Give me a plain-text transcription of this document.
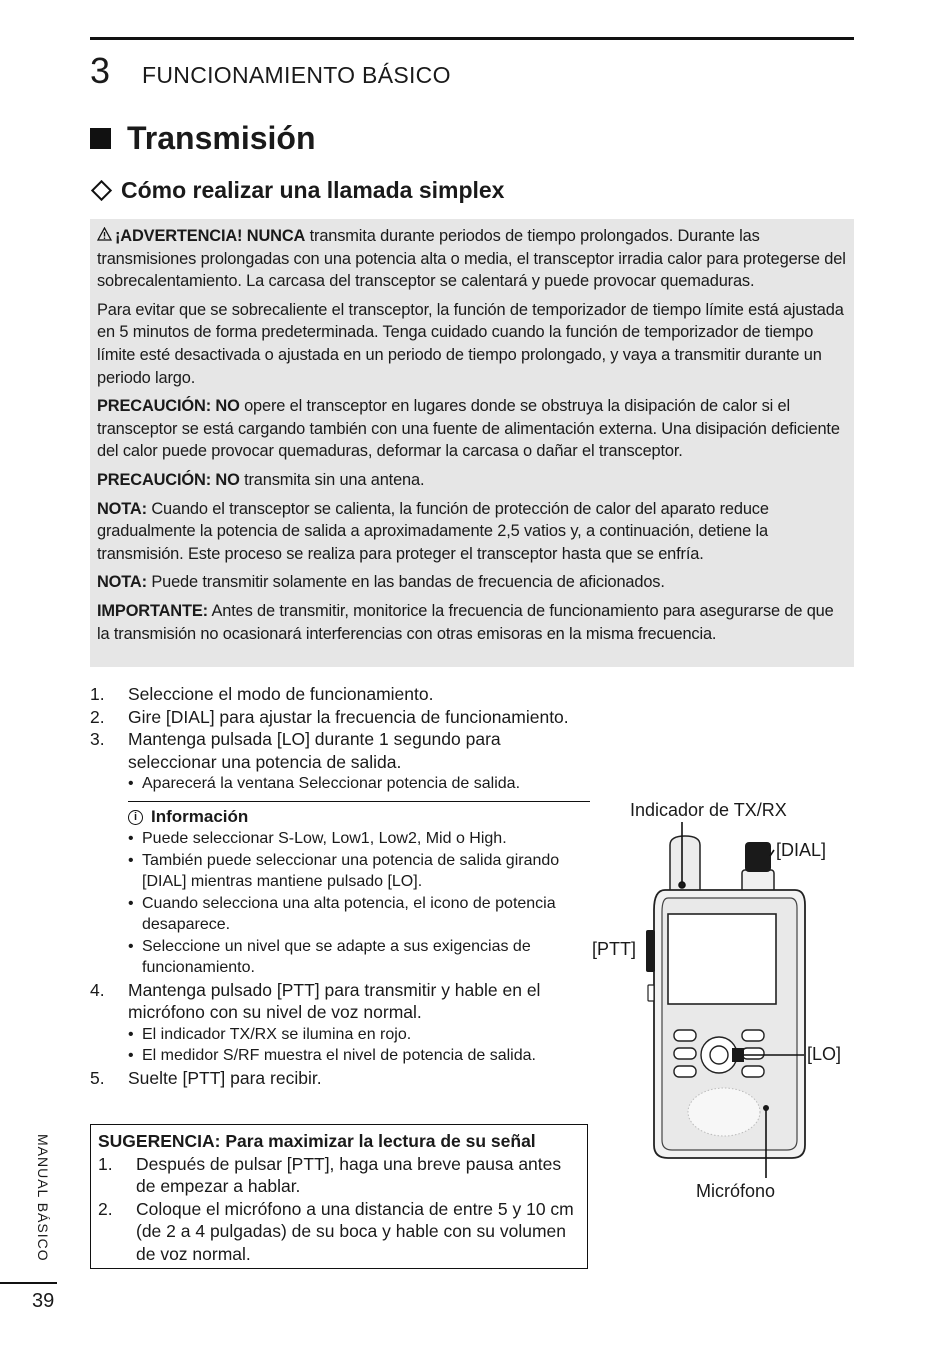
3 FUNCIONAMIENTO BÁSICO
Transmisión
Cómo realizar una llamada simplex

¡ADVERTENCIA! NUNCA transmita durante periodos de tiempo prolongados. Durante las transmisiones prolongadas con una potencia alta o media, el transceptor irradia calor para protegerse del sobrecalentamiento. La carcasa del transceptor se calentará y puede provocar quemaduras.

Para evitar que se sobrecaliente el transceptor, la función de temporizador de tiempo límite está ajustada en 5 minutos de forma predeterminada. Tenga cuidado cuando la función de temporizador de tiempo límite esté desactivada o ajustada en un periodo de tiempo prolongado, y vaya a transmitir durante un periodo largo.

PRECAUCIÓN: NO opere el transceptor en lugares donde se obstruya la disipación de calor si el transceptor se está cargando también con una fuente de alimentación externa. Una disipación deficiente del calor puede provocar quemaduras, deformar la carcasa o dañar el transceptor.

PRECAUCIÓN: NO transmita sin una antena.

NOTA: Cuando el transceptor se calienta, la función de protección de calor del aparato reduce gradualmente la potencia de salida a aproximadamente 2,5 vatios y, a continuación, detiene la transmisión. Este proceso se realiza para proteger el transceptor hasta que se enfría.

NOTA: Puede transmitir solamente en las bandas de frecuencia de aficionados.

IMPORTANTE: Antes de transmitir, monitorice la frecuencia de funcionamiento para asegurarse de que la transmisión no ocasionará interferencias con otras emisoras en la misma frecuencia.

1.	Seleccione el modo de funcionamiento.
2.	Gire [DIAL] para ajustar la frecuencia de funcionamiento.
3.	Mantenga pulsada [LO] durante 1 segundo para seleccionar una potencia de salida.
• Aparecerá la ventana Seleccionar potencia de salida.
i Información
• Puede seleccionar S-Low, Low1, Low2, Mid o High.
• También puede seleccionar una potencia de salida girando [DIAL] mientras mantiene pulsado [LO].
• Cuando selecciona una alta potencia, el icono de potencia desaparece.
• Seleccione un nivel que se adapte a sus exigencias de funcionamiento.
4.	Mantenga pulsado [PTT] para transmitir y hable en el micrófono con su nivel de voz normal.
• El indicador TX/RX se ilumina en rojo.
• El medidor S/RF muestra el nivel de potencia de salida.
5.	Suelte [PTT] para recibir.
SUGERENCIA: Para maximizar la lectura de su señal
1.	Después de pulsar [PTT], haga una breve pausa antes de empezar a hablar.
2.	Coloque el micrófono a una distancia de entre 5 y 10 cm (de 2 a 4 pulgadas) de su boca y hable con su volumen de voz normal.
Indicador de TX/RX
[DIAL]
[PTT]
[LO]
Micrófono
MANUAL BÁSICO
39
